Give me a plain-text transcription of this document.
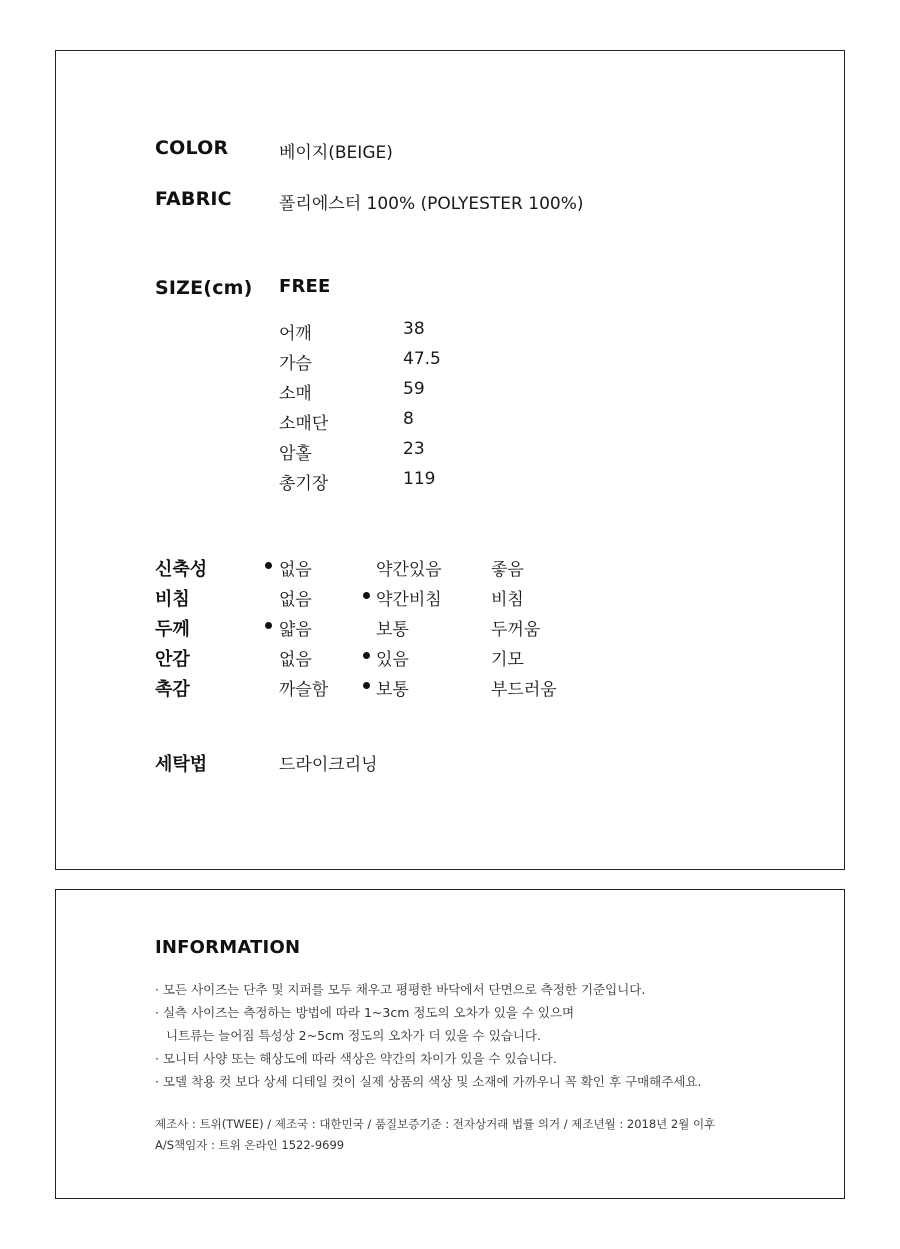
COLOR	베이지(BEIGE)
FABRIC	폴리에스터 100% (POLYESTER 100%)
SIZE(cm) FREE
어깨	38
가슴	47.5
소매	59
소매단	8
암홀	23
총기장	119
신축성	없음	약간있음	좋음
비침	없음	약간비침	비침
두께	얇음	보통	두꺼움
안감	없음	있음	기모
촉감	까슬함	보통	부드러움
세탁법	드라이크리닝
INFORMATION
· 모든 사이즈는 단추 및 지퍼를 모두 채우고 평평한 바닥에서 단면으로 측정한 기준입니다.
· 실측 사이즈는 측정하는 방법에 따라 1~3cm 정도의 오차가 있을 수 있으며
니트류는 늘어짐 특성상 2~5cm 정도의 오차가 더 있을 수 있습니다.
· 모니터 사양 또는 해상도에 따라 색상은 약간의 차이가 있을 수 있습니다.
· 모델 착용 컷 보다 상세 디테일 컷이 실제 상품의 색상 및 소재에 가까우니 꼭 확인 후 구매해주세요.
제조사 : 트위(TWEE) / 제조국 : 대한민국 / 품질보증기준 : 전자상거래 법률 의거 / 제조년월 : 2018년 2월 이후
A/S책임자 : 트위 온라인 1522-9699
